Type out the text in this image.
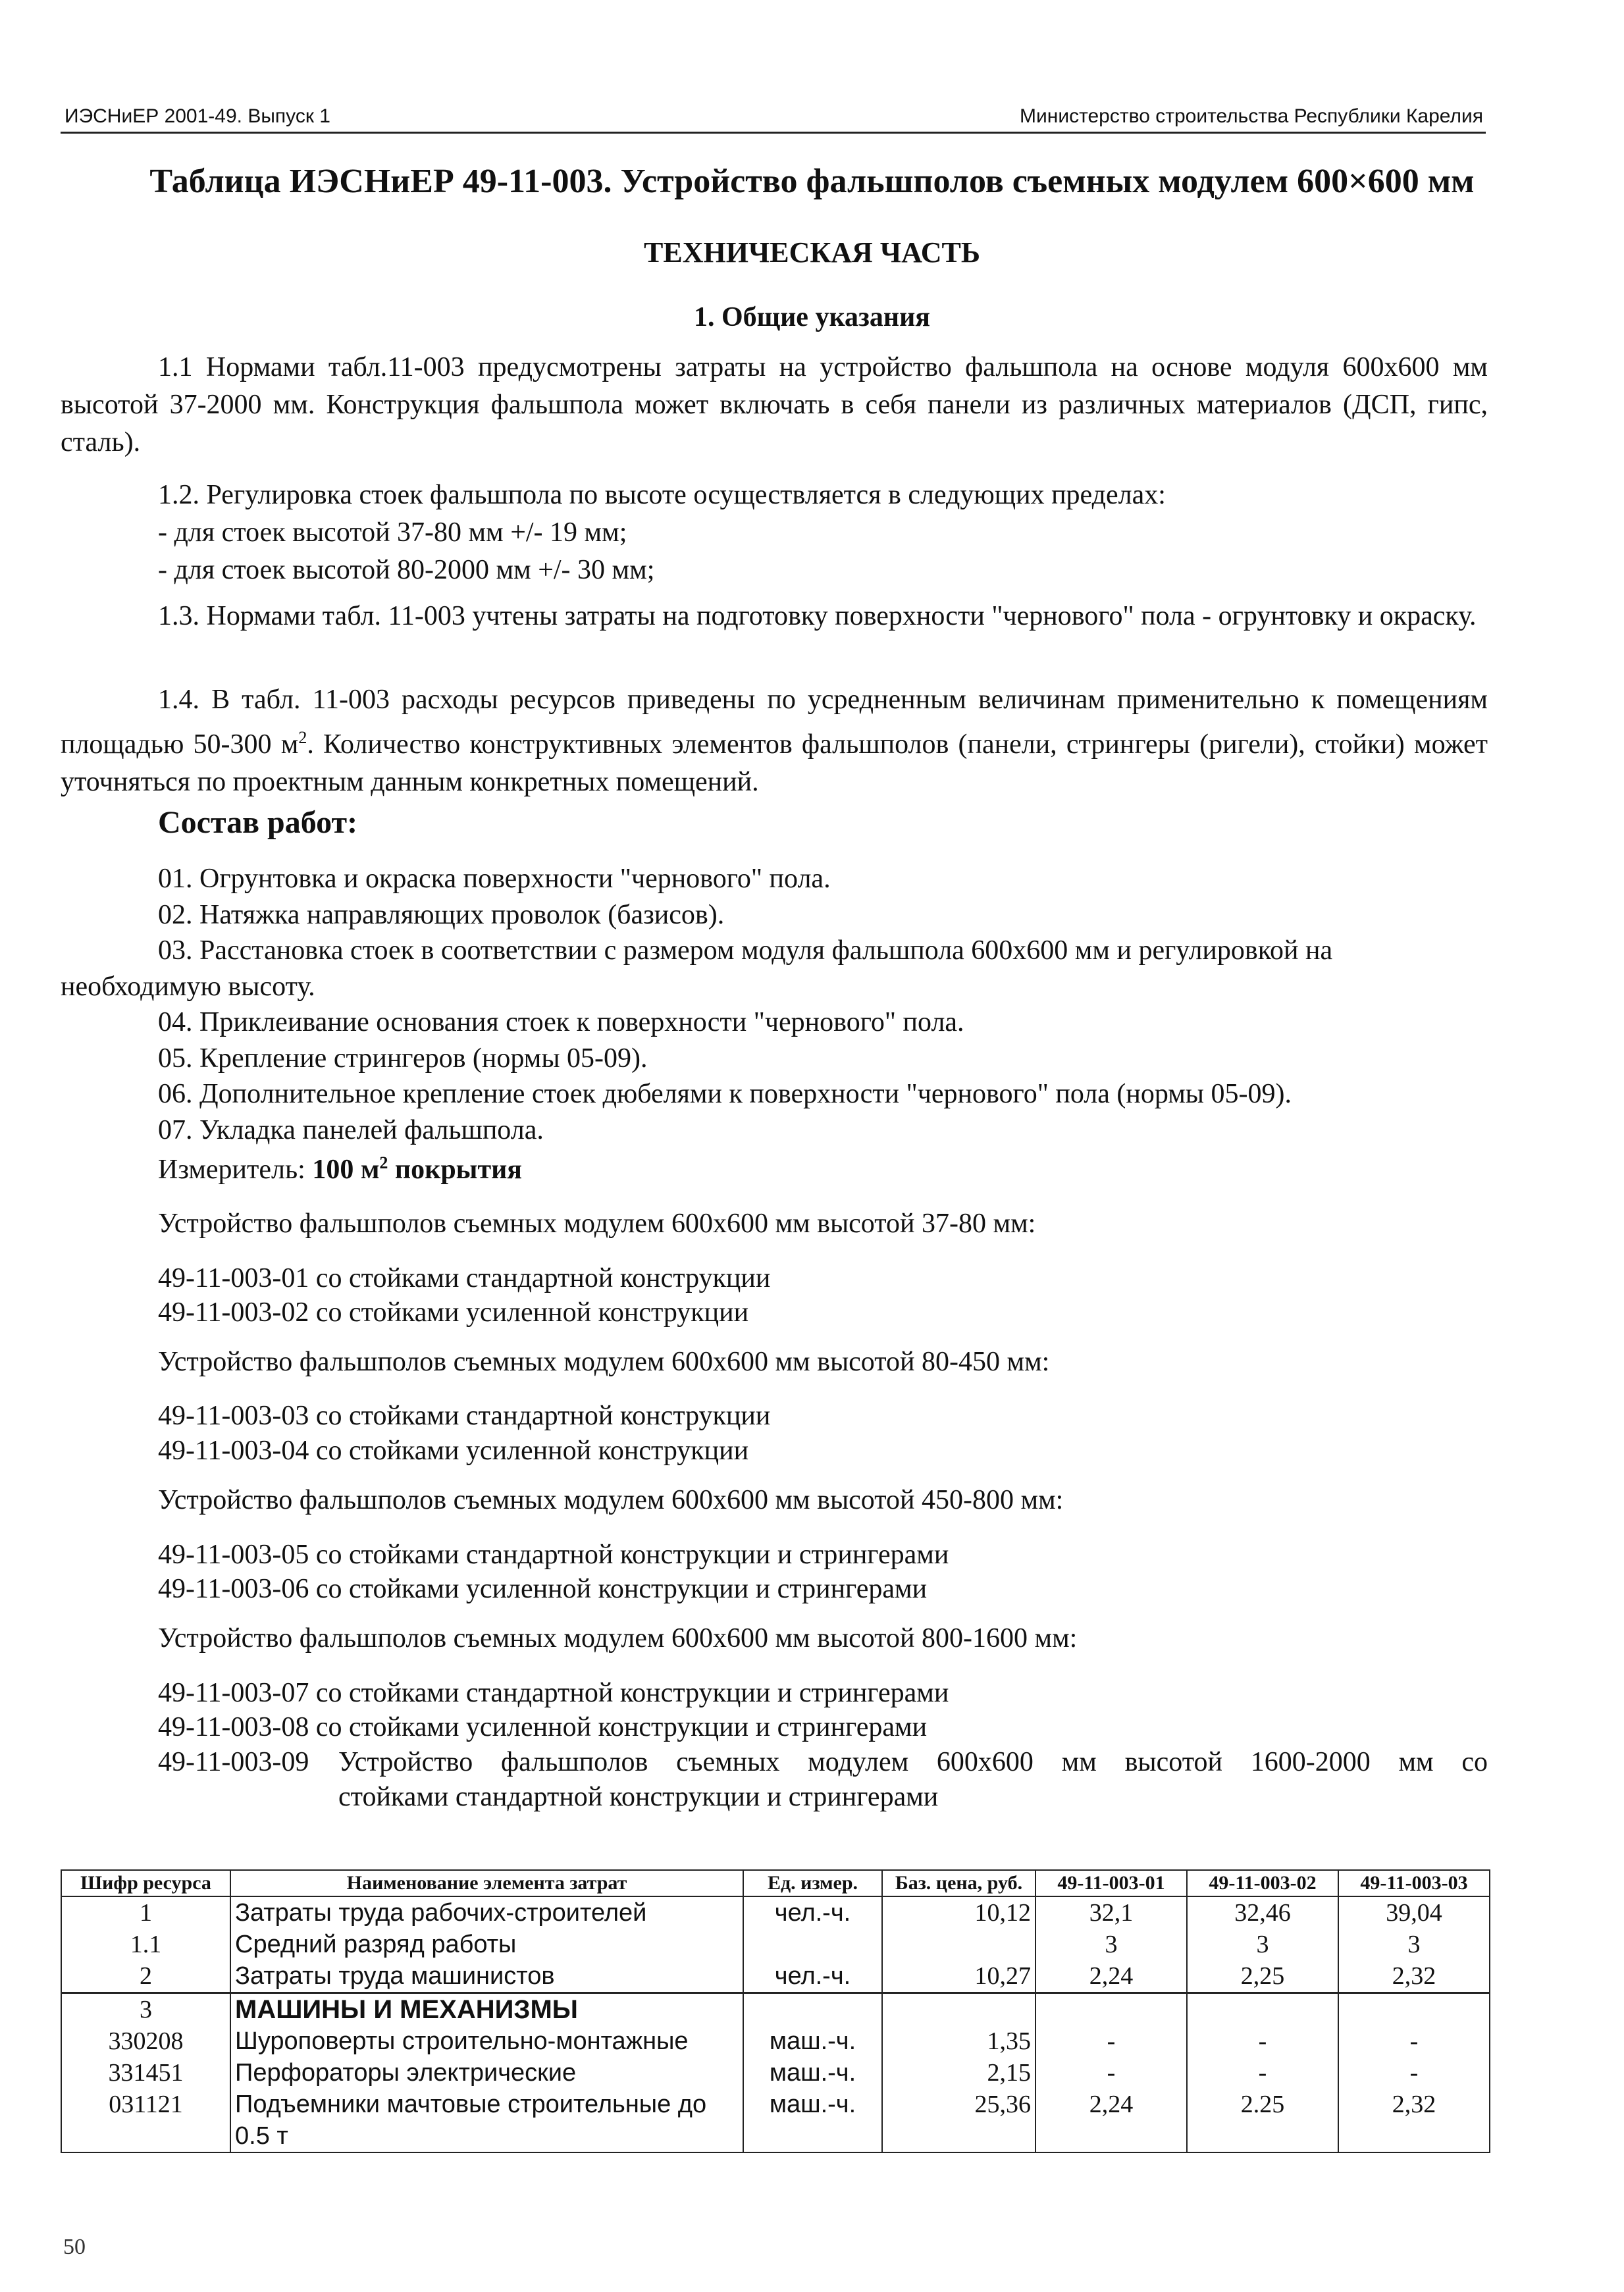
ИЭСНиЕР 2001-49. Выпуск 1	Министерство строительства Республики Карелия
Таблица ИЭСНиЕР 49-11-003. Устройство фальшполов съемных модулем 600×600 мм
ТЕХНИЧЕСКАЯ ЧАСТЬ
1. Общие указания

1.1 Нормами табл.11-003 предусмотрены затраты на устройство фальшпола на основе модуля 600х600 мм высотой 37-2000 мм. Конструкция фальшпола может включать в себя панели из различных материалов (ДСП, гипс, сталь).

1.2. Регулировка стоек фальшпола по высоте осуществляется в следующих пределах:
- для стоек высотой 37-80 мм +/- 19 мм;
- для стоек высотой 80-2000 мм +/- 30 мм;

1.3. Нормами табл. 11-003 учтены затраты на подготовку поверхности "чернового" пола - огрунтовку и окраску.

1.4. В табл. 11-003 расходы ресурсов приведены по усредненным величинам применительно к помещениям площадью 50-300 $м^2$. Количество конструктивных элементов фальшполов (панели, стрингеры (ригели), стойки) может уточняться по проектным данным конкретных помещений.

Состав работ:
01. Огрунтовка и окраска поверхности "чернового" пола.
02. Натяжка направляющих проволок (базисов).
03. Расстановка стоек в соответствии с размером модуля фальшпола 600х600 мм и регулировкой на необходимую высоту.
04. Приклеивание основания стоек к поверхности "чернового" пола.
05. Крепление стрингеров (нормы 05-09).
06. Дополнительное крепление стоек дюбелями к поверхности "чернового" пола (нормы 05-09).
07. Укладка панелей фальшпола.
Измеритель: 100 $м^2$ покрытия
Устройство фальшполов съемных модулем 600х600 мм высотой 37-80 мм:
49-11-003-01 со стойками стандартной конструкции
49-11-003-02 со стойками усиленной конструкции
Устройство фальшполов съемных модулем 600х600 мм высотой 80-450 мм:
49-11-003-03 со стойками стандартной конструкции
49-11-003-04 со стойками усиленной конструкции
Устройство фальшполов съемных модулем 600х600 мм высотой 450-800 мм:
49-11-003-05 со стойками стандартной конструкции и стрингерами
49-11-003-06 со стойками усиленной конструкции и стрингерами
Устройство фальшполов съемных модулем 600х600 мм высотой 800-1600 мм:
49-11-003-07 со стойками стандартной конструкции и стрингерами
49-11-003-08 со стойками усиленной конструкции и стрингерами
49-11-003-09 Устройство фальшполов съемных модулем 600х600 мм высотой 1600-2000 мм со
стойками стандартной конструкции и стрингерами
Шифр ресурса	Наименование элемента затрат	Ед. измер.	Баз. цена, руб.	49-11-003-01	49-11-003-02	49-11-003-03
1	Затраты труда рабочих-строителей	чел.-ч.	10,12	32,1	32,46	39,04
1.1	Средний разряд работы			3	3	3
2	Затраты труда машинистов	чел.-ч.	10,27	2,24	2,25	2,32
3	МАШИНЫ И МЕХАНИЗМЫ					
330208	Шуроповерты строительно-монтажные	маш.-ч.	1,35	-	-	-
331451	Перфораторы электрические	маш.-ч.	2,15	-	-	-
031121	Подъемники мачтовые строительные до 0.5 т	маш.-ч.	25,36	2,24	2.25	2,32
50
